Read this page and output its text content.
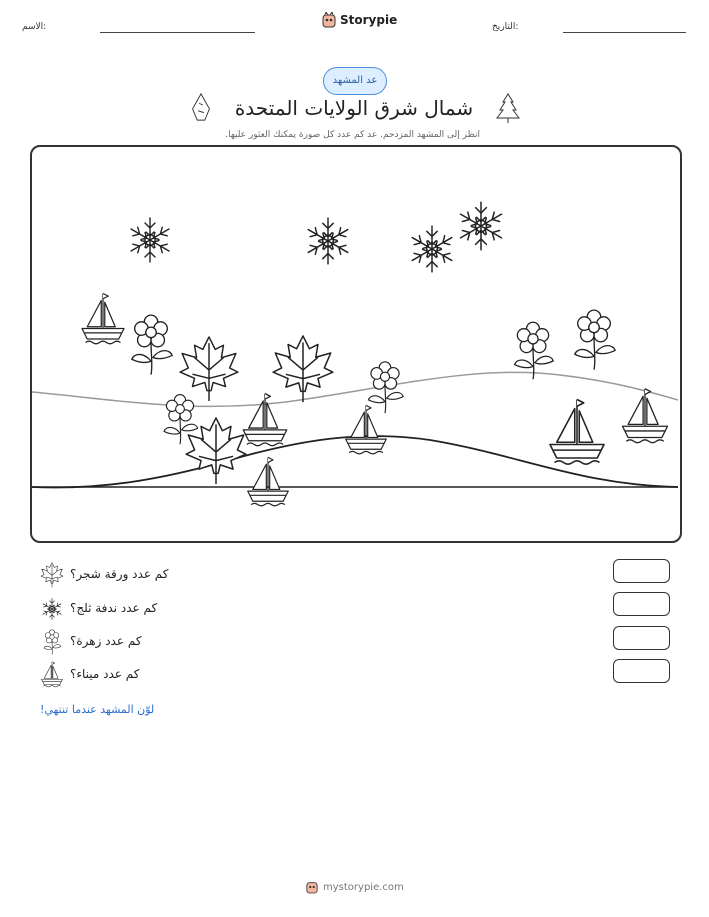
الاسم:	Storypie	التاريخ:
عد المشهد
شمال شرق الولايات المتحدة
انظر إلى المشهد المزدحم. عد كم عدد كل صورة يمكنك العثور عليها.
كم عدد ورقة شجر؟
كم عدد ندفة ثلج؟
كم عدد زهرة؟
كم عدد ميناء؟
لوّن المشهد عندما تنتهي!
mystorypie.com
